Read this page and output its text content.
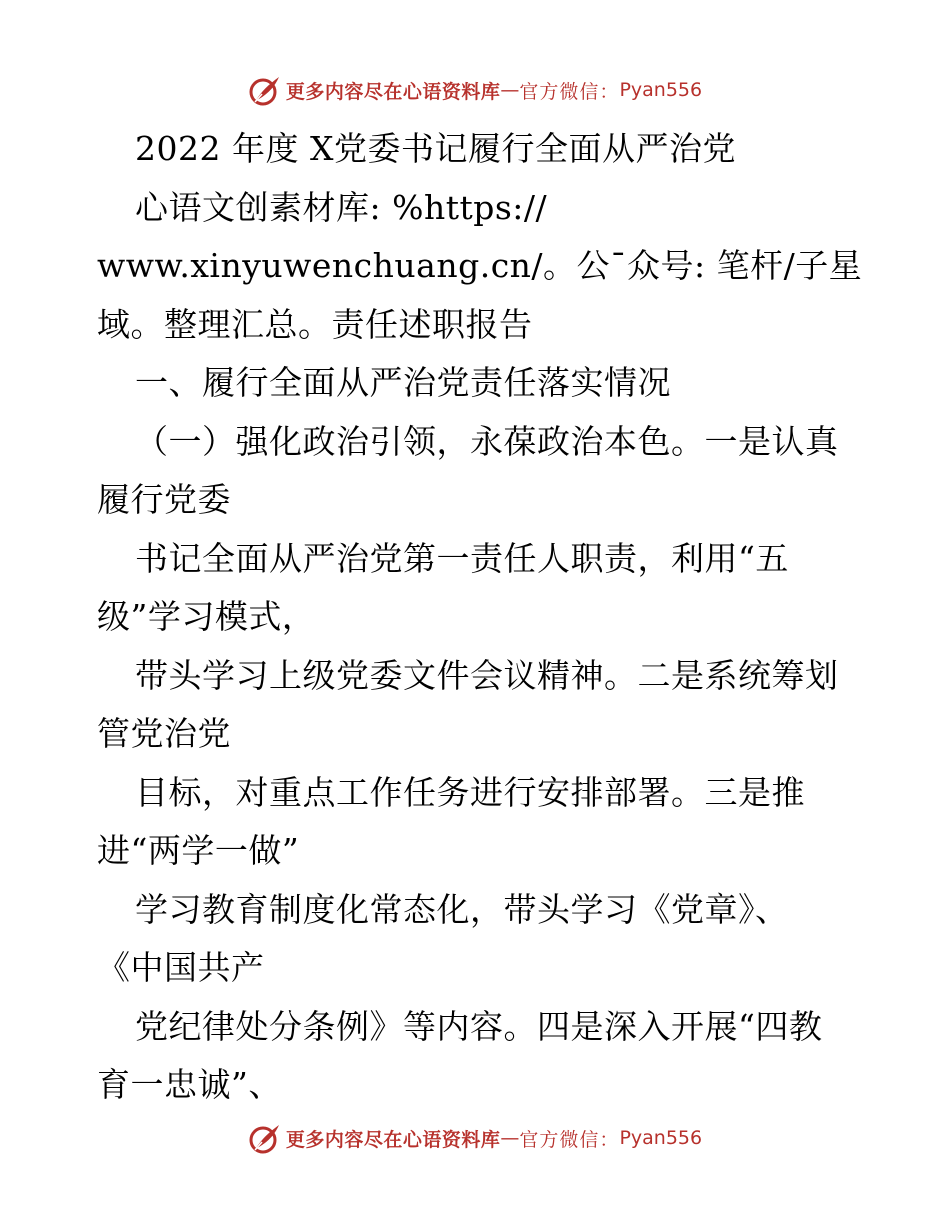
更多内容尽在心语资料库 — 官方微信： Pyan556
2022 年度 X党委书记履行全面从严治党
心语文创素材库: %https://
www.xinyuwenchuang.cn/。公¯众号: 笔杆/子星
域。整理汇总。责任述职报告
一、履行全面从严治党责任落实情况
（一）强化政治引领，永葆政治本色。一是认真
履行党委
书记全面从严治党第一责任人职责，利用“五
级”学习模式，
带头学习上级党委文件会议精神。二是系统筹划
管党治党
目标，对重点工作任务进行安排部署。三是推
进“两学一做”
学习教育制度化常态化，带头学习《党章》、
《中国共产
党纪律处分条例》等内容。四是深入开展“四教
育一忠诚”、
更多内容尽在心语资料库 — 官方微信： Pyan556
